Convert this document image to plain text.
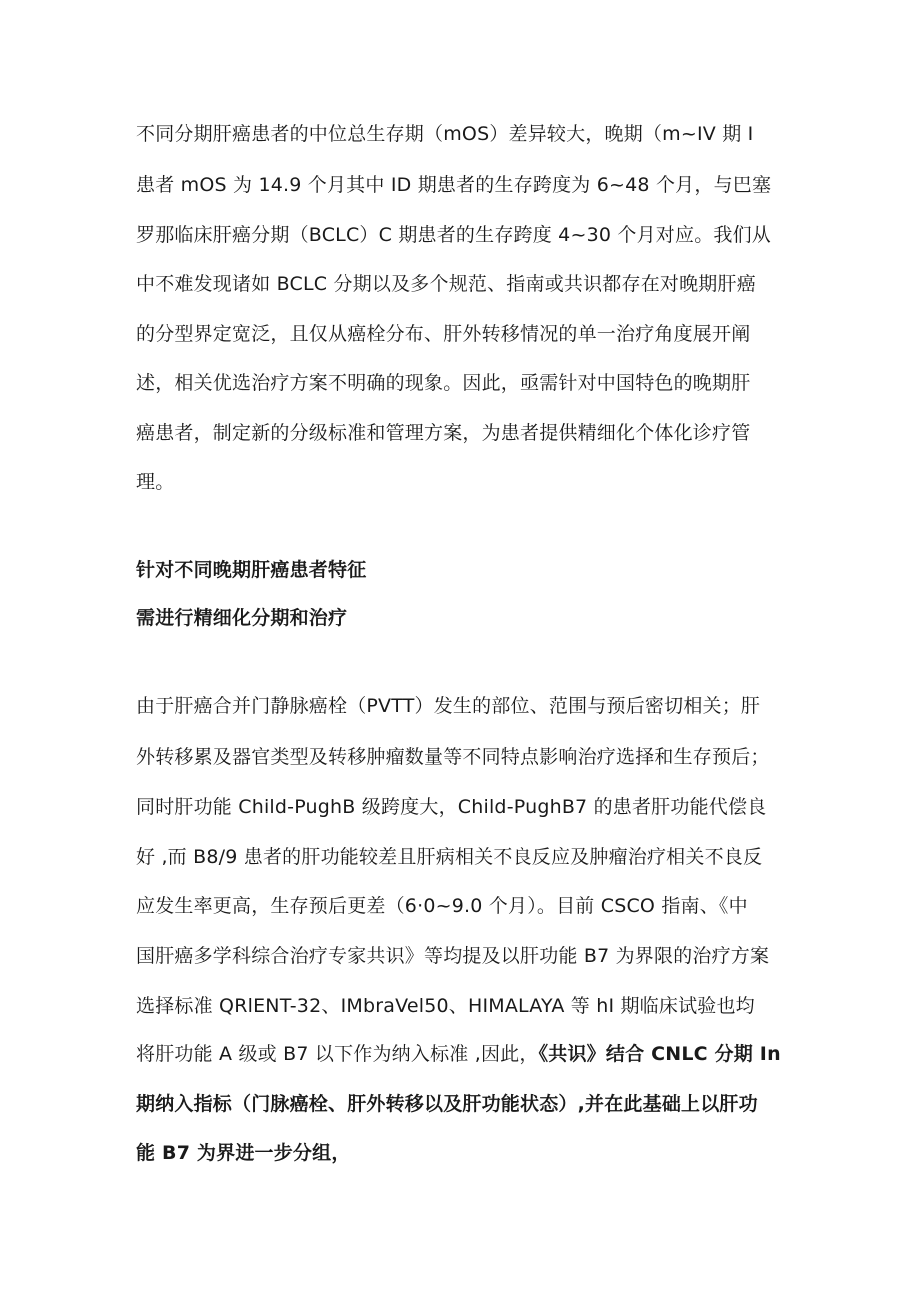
不同分期肝癌患者的中位总生存期（mOS）差异较大，晚期（m~IV 期 I
患者 mOS 为 14.9 个月其中 ID 期患者的生存跨度为 6~48 个月，与巴塞
罗那临床肝癌分期（BCLC）C 期患者的生存跨度 4~30 个月对应。我们从
中不难发现诸如 BCLC 分期以及多个规范、指南或共识都存在对晚期肝癌
的分型界定宽泛，且仅从癌栓分布、肝外转移情况的单一治疗角度展开阐
述，相关优选治疗方案不明确的现象。因此，亟需针对中国特色的晚期肝
癌患者，制定新的分级标准和管理方案，为患者提供精细化个体化诊疗管
理。
针对不同晚期肝癌患者特征
需进行精细化分期和治疗
由于肝癌合并门静脉癌栓（PVTT）发生的部位、范围与预后密切相关；肝
外转移累及器官类型及转移肿瘤数量等不同特点影响治疗选择和生存预后；
同时肝功能 Child-PughB 级跨度大，Child-PughB7 的患者肝功能代偿良
好 ,而 B8/9 患者的肝功能较差且肝病相关不良反应及肿瘤治疗相关不良反
应发生率更高，生存预后更差（6·0~9.0 个月）。目前 CSCO 指南、《中
国肝癌多学科综合治疗专家共识》等均提及以肝功能 B7 为界限的治疗方案
选择标准 QRlENT-32、IMbraVel50、HIMALAYA 等 hI 期临床试验也均
将肝功能 A 级或 B7 以下作为纳入标准 ,因此，《共识》结合 CNLC 分期 In
期纳入指标（门脉癌栓、肝外转移以及肝功能状态）,并在此基础上以肝功
能 B7 为界进一步分组，
